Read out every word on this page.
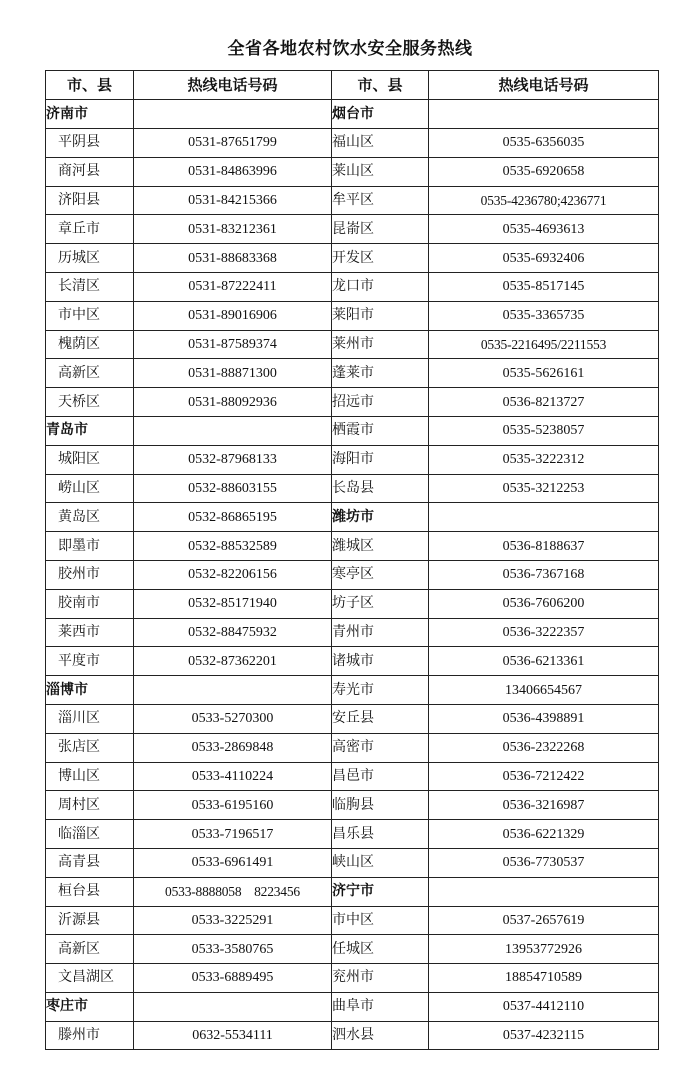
全省各地农村饮水安全服务热线
市、县	热线电话号码	市、县	热线电话号码
济南市		烟台市	
平阴县	0531-87651799	福山区	0535-6356035
商河县	0531-84863996	莱山区	0535-6920658
济阳县	0531-84215366	牟平区	0535-4236780;4236771
章丘市	0531-83212361	昆嵛区	0535-4693613
历城区	0531-88683368	开发区	0535-6932406
长清区	0531-87222411	龙口市	0535-8517145
市中区	0531-89016906	莱阳市	0535-3365735
槐荫区	0531-87589374	莱州市	0535-2216495/2211553
高新区	0531-88871300	蓬莱市	0535-5626161
天桥区	0531-88092936	招远市	0536-8213727
青岛市		栖霞市	0535-5238057
城阳区	0532-87968133	海阳市	0535-3222312
崂山区	0532-88603155	长岛县	0535-3212253
黄岛区	0532-86865195	潍坊市	
即墨市	0532-88532589	潍城区	0536-8188637
胶州市	0532-82206156	寒亭区	0536-7367168
胶南市	0532-85171940	坊子区	0536-7606200
莱西市	0532-88475932	青州市	0536-3222357
平度市	0532-87362201	诸城市	0536-6213361
淄博市		寿光市	13406654567
淄川区	0533-5270300	安丘县	0536-4398891
张店区	0533-2869848	高密市	0536-2322268
博山区	0533-4110224	昌邑市	0536-7212422
周村区	0533-6195160	临朐县	0536-3216987
临淄区	0533-7196517	昌乐县	0536-6221329
高青县	0533-6961491	峡山区	0536-7730537
桓台县	0533-8888058    8223456	济宁市	
沂源县	0533-3225291	市中区	0537-2657619
高新区	0533-3580765	任城区	13953772926
文昌湖区	0533-6889495	兖州市	18854710589
枣庄市		曲阜市	0537-4412110
滕州市	0632-5534111	泗水县	0537-4232115
